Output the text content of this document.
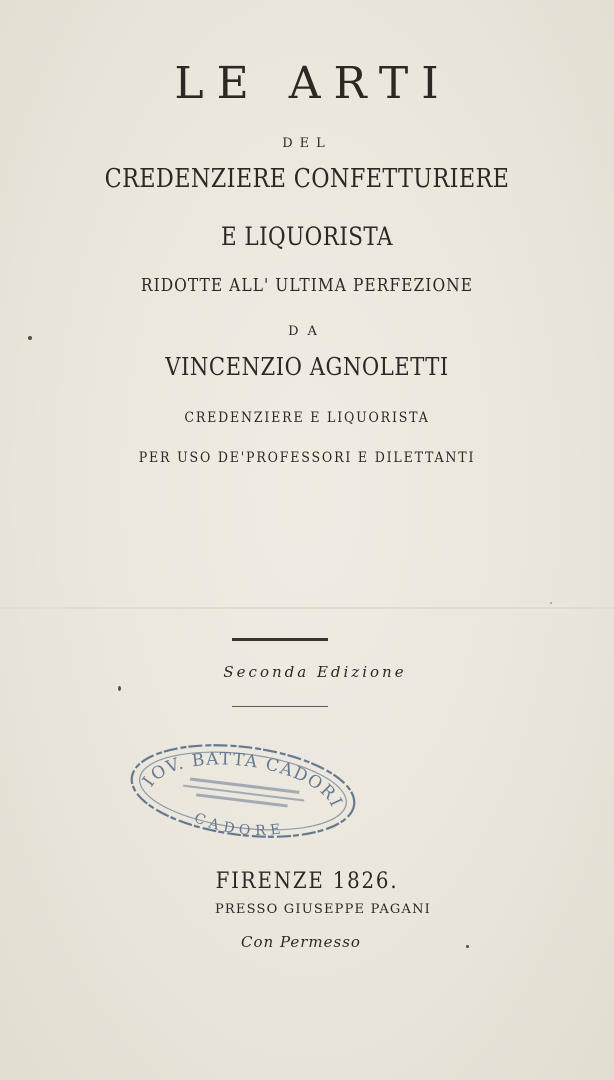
LE ARTI
DEL
CREDENZIERE CONFETTURIERE
E LIQUORISTA
RIDOTTE ALL' ULTIMA PERFEZIONE
DA
VINCENZIO AGNOLETTI
CREDENZIERE E LIQUORISTA
PER USO DE'PROFESSORI E DILETTANTI
Seconda Edizione
GIOV. BATTA CADORIN
CADORE
FIRENZE 1826.
PRESSO GIUSEPPE PAGANI
Con Permesso
